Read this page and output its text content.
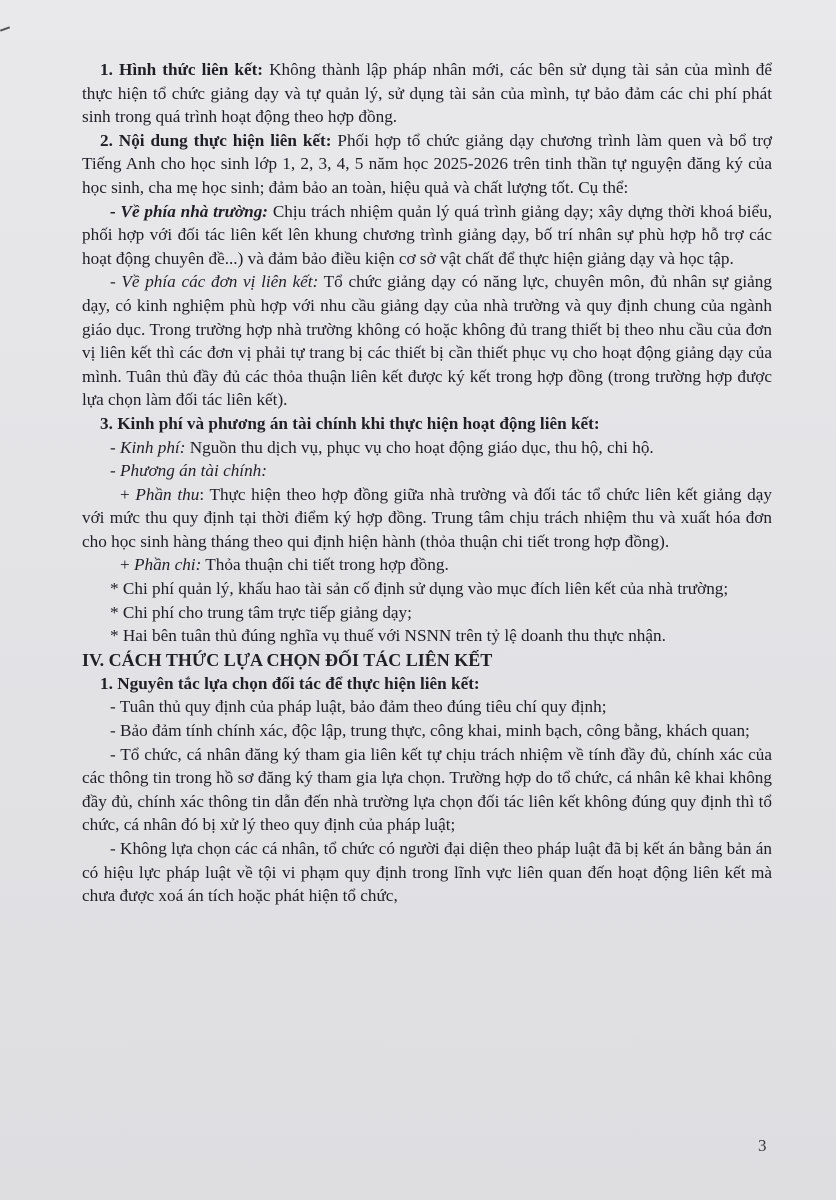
1. Hình thức liên kết: Không thành lập pháp nhân mới, các bên sử dụng tài sản của mình để thực hiện tổ chức giảng dạy và tự quản lý, sử dụng tài sản của mình, tự bảo đảm các chi phí phát sinh trong quá trình hoạt động theo hợp đồng.

2. Nội dung thực hiện liên kết: Phối hợp tổ chức giảng dạy chương trình làm quen và bổ trợ Tiếng Anh cho học sinh lớp 1, 2, 3, 4, 5 năm học 2025-2026 trên tinh thần tự nguyện đăng ký của học sinh, cha mẹ học sinh; đảm bảo an toàn, hiệu quả và chất lượng tốt. Cụ thể:

- Về phía nhà trường: Chịu trách nhiệm quản lý quá trình giảng dạy; xây dựng thời khoá biểu, phối hợp với đối tác liên kết lên khung chương trình giảng dạy, bố trí nhân sự phù hợp hỗ trợ các hoạt động chuyên đề...) và đảm bảo điều kiện cơ sở vật chất để thực hiện giảng dạy và học tập.

- Về phía các đơn vị liên kết: Tổ chức giảng dạy có năng lực, chuyên môn, đủ nhân sự giảng dạy, có kinh nghiệm phù hợp với nhu cầu giảng dạy của nhà trường và quy định chung của ngành giáo dục. Trong trường hợp nhà trường không có hoặc không đủ trang thiết bị theo nhu cầu của đơn vị liên kết thì các đơn vị phải tự trang bị các thiết bị cần thiết phục vụ cho hoạt động giảng dạy của mình. Tuân thủ đầy đủ các thỏa thuận liên kết được ký kết trong hợp đồng (trong trường hợp được lựa chọn làm đối tác liên kết).

3. Kinh phí và phương án tài chính khi thực hiện hoạt động liên kết:

- Kinh phí: Nguồn thu dịch vụ, phục vụ cho hoạt động giáo dục, thu hộ, chi hộ.

- Phương án tài chính:

+ Phần thu: Thực hiện theo hợp đồng giữa nhà trường và đối tác tổ chức liên kết giảng dạy với mức thu quy định tại thời điểm ký hợp đồng. Trung tâm chịu trách nhiệm thu và xuất hóa đơn cho học sinh hàng tháng theo qui định hiện hành (thỏa thuận chi tiết trong hợp đồng).

+ Phần chi: Thỏa thuận chi tiết trong hợp đồng.

* Chi phí quản lý, khấu hao tài sản cố định sử dụng vào mục đích liên kết của nhà trường;

* Chi phí cho trung tâm trực tiếp giảng dạy;

* Hai bên tuân thủ đúng nghĩa vụ thuế với NSNN trên tỷ lệ doanh thu thực nhận.

IV. CÁCH THỨC LỰA CHỌN ĐỐI TÁC LIÊN KẾT

1. Nguyên tắc lựa chọn đối tác để thực hiện liên kết:

- Tuân thủ quy định của pháp luật, bảo đảm theo đúng tiêu chí quy định;

- Bảo đảm tính chính xác, độc lập, trung thực, công khai, minh bạch, công bằng, khách quan;

- Tổ chức, cá nhân đăng ký tham gia liên kết tự chịu trách nhiệm về tính đầy đủ, chính xác của các thông tin trong hồ sơ đăng ký tham gia lựa chọn. Trường hợp do tổ chức, cá nhân kê khai không đầy đủ, chính xác thông tin dẫn đến nhà trường lựa chọn đối tác liên kết không đúng quy định thì tổ chức, cá nhân đó bị xử lý theo quy định của pháp luật;

- Không lựa chọn các cá nhân, tổ chức có người đại diện theo pháp luật đã bị kết án bằng bản án có hiệu lực pháp luật về tội vi phạm quy định trong lĩnh vực liên quan đến hoạt động liên kết mà chưa được xoá án tích hoặc phát hiện tổ chức,

3
